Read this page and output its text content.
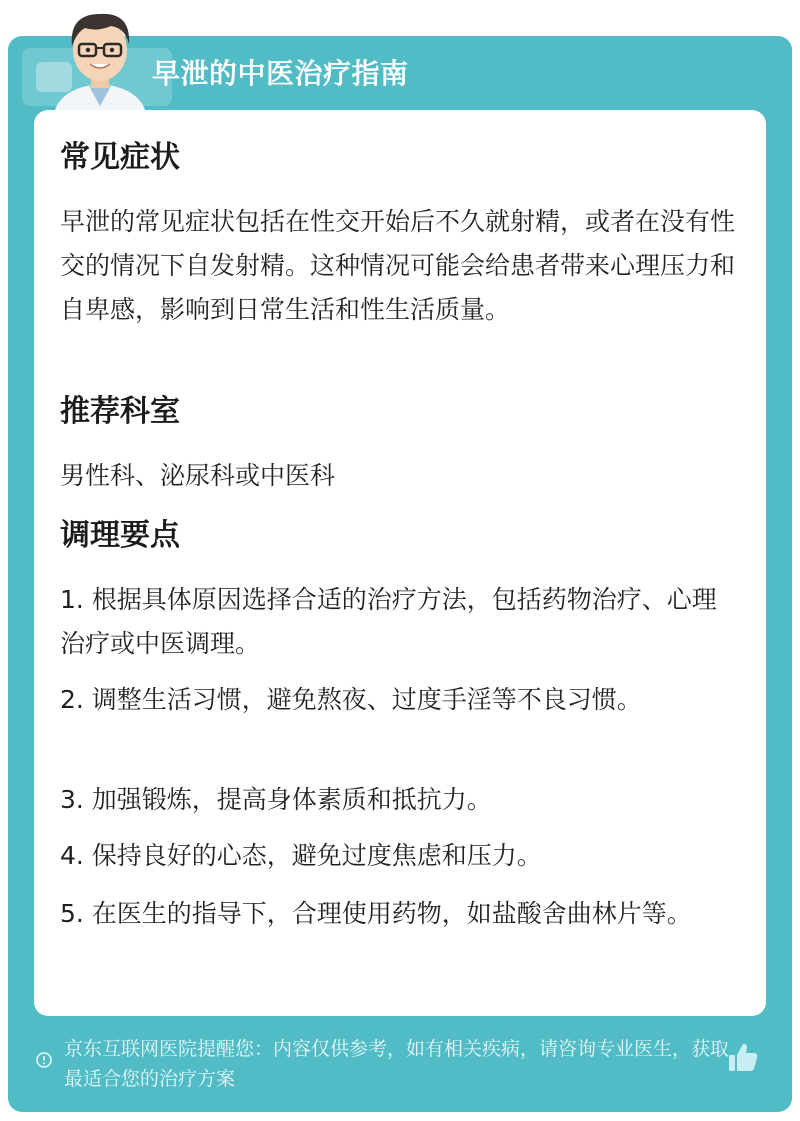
早泄的中医治疗指南
常见症状
早泄的常见症状包括在性交开始后不久就射精，或者在没有性交的情况下自发射精。这种情况可能会给患者带来心理压力和自卑感，影响到日常生活和性生活质量。
推荐科室
男性科、泌尿科或中医科
调理要点
1. 根据具体原因选择合适的治疗方法，包括药物治疗、心理治疗或中医调理。
2. 调整生活习惯，避免熬夜、过度手淫等不良习惯。
3. 加强锻炼，提高身体素质和抵抗力。
4. 保持良好的心态，避免过度焦虑和压力。
5. 在医生的指导下，合理使用药物，如盐酸舍曲林片等。
京东互联网医院提醒您：内容仅供参考，如有相关疾病，请咨询专业医生，获取最适合您的治疗方案
